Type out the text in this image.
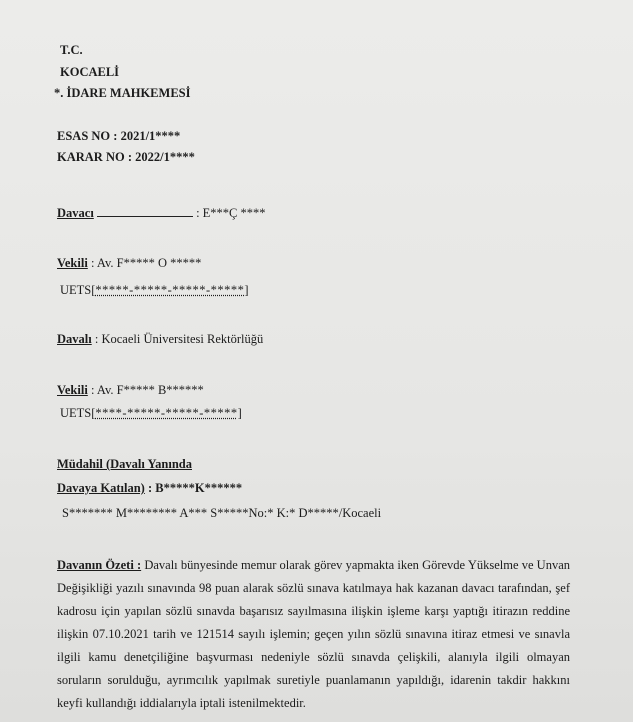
T.C.
KOCAELİ
*. İDARE MAHKEMESİ
ESAS NO : 2021/1****
KARAR NO : 2022/1****
Davacı	: E***Ç ****
Vekili : Av. F***** O *****
UETS[*****-*****-*****-*****]
Davalı : Kocaeli Üniversitesi Rektörlüğü
Vekili : Av. F***** B******
UETS[****-*****-*****-*****]
Müdahil (Davalı Yanında
Davaya Katılan) : B*****K******
S******* M******** A*** S*****No:* K:* D*****/Kocaeli
Davanın Özeti : Davalı bünyesinde memur olarak görev yapmakta iken Görevde Yükselme ve Unvan Değişikliği yazılı sınavında 98 puan alarak sözlü sınava katılmaya hak kazanan davacı tarafından, şef kadrosu için yapılan sözlü sınavda başarısız sayılmasına ilişkin işleme karşı yaptığı itirazın reddine ilişkin 07.10.2021 tarih ve 121514 sayılı işlemin; geçen yılın sözlü sınavına itiraz etmesi ve sınavla ilgili kamu denetçiliğine başvurması nedeniyle sözlü sınavda çelişkili, alanıyla ilgili olmayan soruların sorulduğu, ayrımcılık yapılmak suretiyle puanlamanın yapıldığı, idarenin takdir hakkını keyfi kullandığı iddialarıyla iptali istenilmektedir.
